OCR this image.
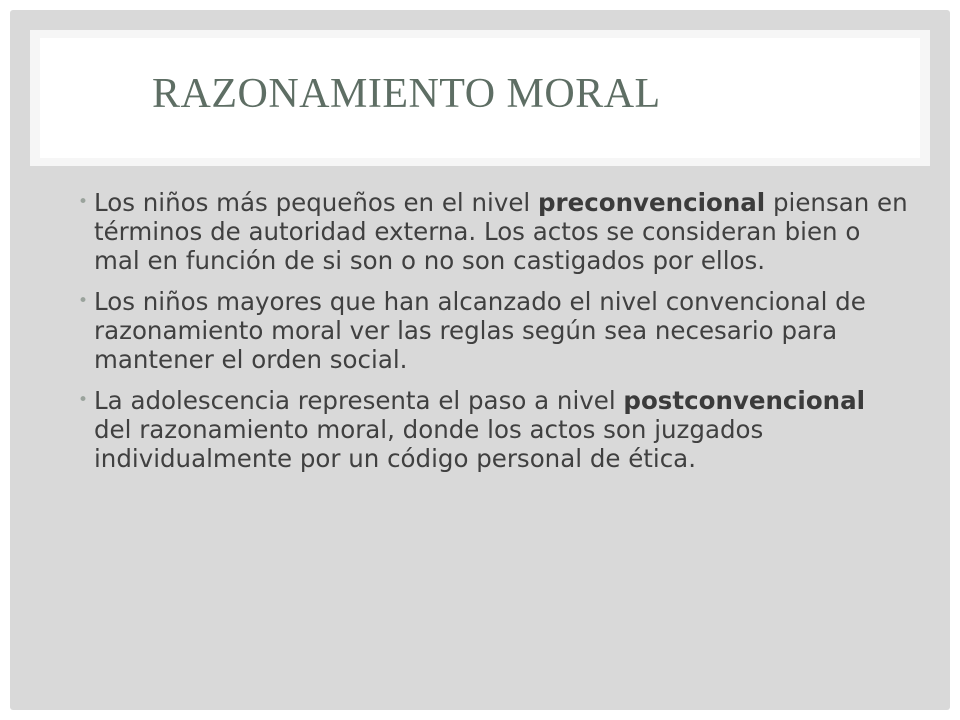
RAZONAMIENTO MORAL
• Los niños más pequeños en el nivel preconvencional piensan en términos de autoridad externa. Los actos se consideran bien o mal en función de si son o no son castigados por ellos.
• Los niños mayores que han alcanzado el nivel convencional de razonamiento moral ver las reglas según sea necesario para mantener el orden social.
• La adolescencia representa el paso a nivel postconvencional del razonamiento moral, donde los actos son juzgados individualmente por un código personal de ética.
